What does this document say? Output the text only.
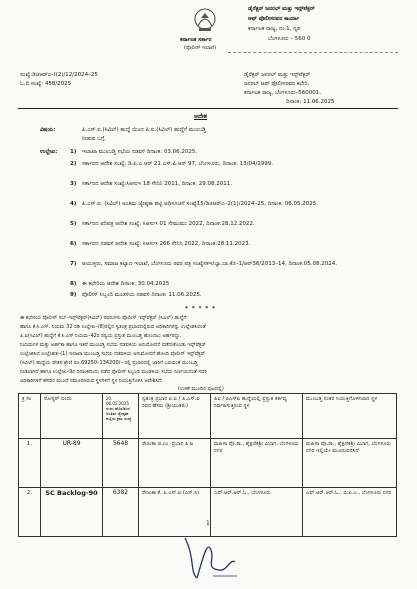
ಕರ್ನಾಟಕ ಸರ್ಕಾರ
(ಪೊಲೀಸ್ ಇಲಾಖೆ)
ಡೈರೆಕ್ಟರ್ ಜನರಲ್ ಮತ್ತು ಇನ್ಸ್‌ಪೆಕ್ಟರ್
ಆಫ್ ಪೊಲೀಸರವರ ಕಾರ್ಯಾ
ಕರ್ನಾಟಕ ರಾಜ್ಯ, ನಂ.1, ನೃಪ
ಬೆಂಗಳೂರು – 560 0
ಸಂಖ್ಯೆ:ಡಿಜಿಆರ್‌ಎ–I(2)/12/2024–25
ಓ.ಬಿ.ಸಂಖ್ಯೆ: 458/2025
ಡೈರೆಕ್ಟರ್ ಜನರಲ್ ಮತ್ತು ಇನ್ಸ್‌ಪೆಕ್ಟರ್
ಜನರಲ್ ಆಫ್ ಪೊಲೀಸರವರ ಕಛೇರಿ,
ಕರ್ನಾಟಕ ರಾಜ್ಯ, ಬೆಂಗಳೂರು–560001.
ದಿನಾಂಕ: 11.06.2025
ಆದೇಶ
ವಿಷಯ:	ಪಿ.ಎಸ್.ಐ.(ಸಿವಿಲ್) ಹುದ್ದೆ ಯಿಂದ ಪಿ.ಐ.(ಸಿವಿಲ್) ಹುದ್ದೆಗೆ ಮುಂಬಡ್ತಿ
ನೀಡುವ ಬಗ್ಗೆ.
ಉಲ್ಲೇಖ: 1)	ಇಲಾಖಾ ಮುಂಬಡ್ತಿ ಸಭೆಯ ನಡವಳಿ ದಿನಾಂಕ: 03.06.2025.
2)	ಸರ್ಕಾರದ ಆದೇಶ ಸಂಖ್ಯೆ: ಡಿ.ಪಿ.ಎ.ಆರ್ 21 ಎಸ್.ಪಿ.ಆರ್ 97, ಬೆಂಗಳೂರು, ದಿನಾಂಕ: 13/04/1999.
3)	ಸರ್ಕಾರದ ಆದೇಶ ಸಂಖ್ಯೆ:ಸಿಆಸುಇ 18 ಸೇನಿನಿ 2011, ದಿನಾಂಕ: 29.08.2011.
4)	ಪಿ.ಎಸ್.ಐ. (ಸಿವಿಲ್) ಅಂತಿಮ ಜ್ಯೇಷ್ಠತಾ ಪಟ್ಟಿ ಅಧಿಸೂಚನೆ ಸಂಖ್ಯೆ15/ಡಿಜಿಆರ್‌ಎ–2(1)/2024–25, ದಿನಾಂಕ: 06.05.2025.
5)	ಸರ್ಕಾರದ ಪರಿಪತ್ರ ಆದೇಶ ಸಂಖ್ಯೆ: ಸಿಆಸುಇ 01 ಸೇಮುಮು 2022, ದಿನಾಂಕ:28.12.2022.
6)	ಸರ್ಕಾರದ ನಡವಳಿ ಆದೇಶ ಸಂಖ್ಯೆ: ಸಿಆಸುಇ 266 ಸೇನಿನಿ 2022, ದಿನಾಂಕ:28.11.2023.
7)	ಆಯುಕ್ತರು, ಸಮಾಜ ಕಲ್ಯಾಣ ಇಲಾಖೆ, ಬೆಂಗಳೂರು ರವರ ಪತ್ರ ಸಂಖ್ಯೆಸಕಇ/ಬ್ಯಾ.ಬಾ.ಕೊ–1/ಆರ್‌36/2013–14, ದಿನಾಂಕ:05.08.2024.
8)	ಈ ಕಛೇರಿಯ ಆದೇಶ ದಿನಾಂಕ: 30.04.2025
9)	ಪೊಲೀಸ್ ಸಿಬ್ಬಂದಿ ಮಂಡಳಿಯ ನಡವಳಿ ದಿನಾಂಕ: 11.06.2025.
* * * * *
ಈ ಕಛೇರಿಯ ಪೊಲೀಸ್ ಸಬ್–ಇನ್ಸ್‌ಪೆಕ್ಟರ್(ಸಿವಿಲ್) ರವರುಗಳು ಪೊಲೀಸ್ ಇನ್ಸ್‌ಪೆಕ್ಟರ್ (ಸಿವಿಲ್) ಹುದ್ದೆಗೆ
ಹಾಗೂ ಕೆ.ಸಿ.ಎಸ್. ನಿಯಮ 32 ರಡಿ ಉಲ್ಲೇಖ–(8)ರಲ್ಲಿನ ಸ್ವತಂತ್ರ ಪ್ರಭಾರದಲ್ಲಿರುವ ಅಧಿಕಾರಿಗಳನ್ನು ಉಲ್ಲೇಖಿಸಿದಂತೆ
ಪಿ.ಐ(ಸಿವಿಲ್) ಹುದ್ದೆಗೆ ಕೆ.ಸಿ.ಎಸ್ ನಿಯಮ–42ರ ರನ್ವಯ ಪ್ರಸ್ತುತ ಮುಂಬಡ್ತಿ ಹೊಂದಲು ಅರ್ಹರಿದ್ದು,
ನಿಯಮಗಳ ಮತ್ತು ಅರ್ಹತಾ ಹಾಗೂ ಇತರೆ ಮುಂಬಡ್ತಿ ಸಭೆಯ ನಡವಳಿಯ ಅನುಮೋದನೆ ಪಡೆದುಕೊಂಡು ಇನ್ಸ್‌ಪೆಕ್ಟರ್
ಉಲ್ಲೇಖಿಸಿದ ಉಲ್ಲೇಖಿತ–(1) ಇಲಾಖಾ ಮುಂಬಡ್ತಿ ಸಭೆಯ ನಡವಳಿಯ ಅನುಮೋದನೆ ಹೊಂದಿ ಪೊಲೀಸ್ ಇನ್ಸ್‌ಪೆಕ್ಟರ್
(ಸಿವಿಲ್) ಹುದ್ದೆಯ ವೇತನ ಶ್ರೇಣಿ ರೂ.69250–134200/– ರಲ್ಲಿ ಪ್ರಭಾರದಲ್ಲಿ ಜಾರಿಗೆ ಬರುವಂತೆ ಮುಂಬಡ್ತಿ
ನೀಡಲಾಗಿದೆ ಹಾಗೂ ಉಲ್ಲೇಖ–9ರ ದಿನಾಂಕದಂದು ನಡೆದ ಪೊಲೀಸ್ ಸಿಬ್ಬಂದಿ ಮಂಡಳಿಯ ಸಭೆಯ ನಿರ್ಣಯದಂತೆ ಸದರಿ
ಅಧಿಕಾರಿಗಳಿಗೆ ಹೆಸರಿನ ಮುಂದೆ ನಮೂದಿಸಿರುವ ಸ್ಥಳಗಳಿಗೆ ಸ್ಥಳ ನಿಯುಕ್ತಿಗೊಳಿಸಿ ಆದೇಶಿಸಿದೆ.
(ಉಳಿಕೆ ಮುಂದಿನ ಪುಟದಲ್ಲಿ)
ಕ್ರ ಸಂ	ರೋಸ್ಟರ್ ಬಿಂದು	20. 06.05.2025 ರಂದು ಹೊರಡಿಸಿದ ಅಂತಿಮ ಜ್ಯೇಷ್ಠತಾ ಪಟ್ಟಿಯ ಕ್ರಮ ಸಂಖ್ಯೆ	ಸ್ವತಂತ್ರ ಪ್ರಭಾರ ಪಿ.ಐ / ಪಿ.ಎಸ್.ಐ ರವರ ಹೆಸರು (ಶ್ರೀಯುತರು)	ಪಿಐ / ಪಿಎಸ್‌ಐ ಹುದ್ದೆಯಲ್ಲಿ ಪ್ರಸ್ತುತ ಕರ್ತವ್ಯ ನಿರ್ವಹಿಸುತ್ತಿರುವ ಸ್ಥಳ	ಮುಂಬಡ್ತಿ ನಂತರ ನಿಯುಕ್ತಿಗೊಳಿಸಲಾದ ಸ್ಥಳ
1.	UR-89	5648	ರೇಣುಕಾ ಜಿ.ಎಂ. ಪ್ರಭಾರ ಪಿ.ಐ	ಮಹಿಳಾ ಪೊ.ಠಾ., ಶೈಕ್ಷಣಿಕಶ್ರೀ ವಿಭಾಗ, ಬೆಂಗಳೂರು ನಗರ	ಮಹಿಳಾ ಪೊ.ಠಾ., ಶೈಕ್ಷಣಿಕಶ್ರೀ ವಿಭಾಗ, ಬೆಂಗಳೂರು ನಗರ ಇಲ್ಲಿಯೇ ಮುಂದುವರೆಸಿದೆ
2.	SC Backlog-90	6382	ರೇಣುಕಾ ಕೆ. ಪಿ.ಎಸ್.ಐ (ಎಸ್.ಸಿ)	ಎಫ್.ಆರ್.ಆರ್.ಓ., ಬೆಂಗಳೂರು	ಎಫ್.ಆರ್.ಆರ್.ಓ., ಬಿ.ಐ.ಎ., ಬೆಂಗಳೂರು ನಗರ
1
